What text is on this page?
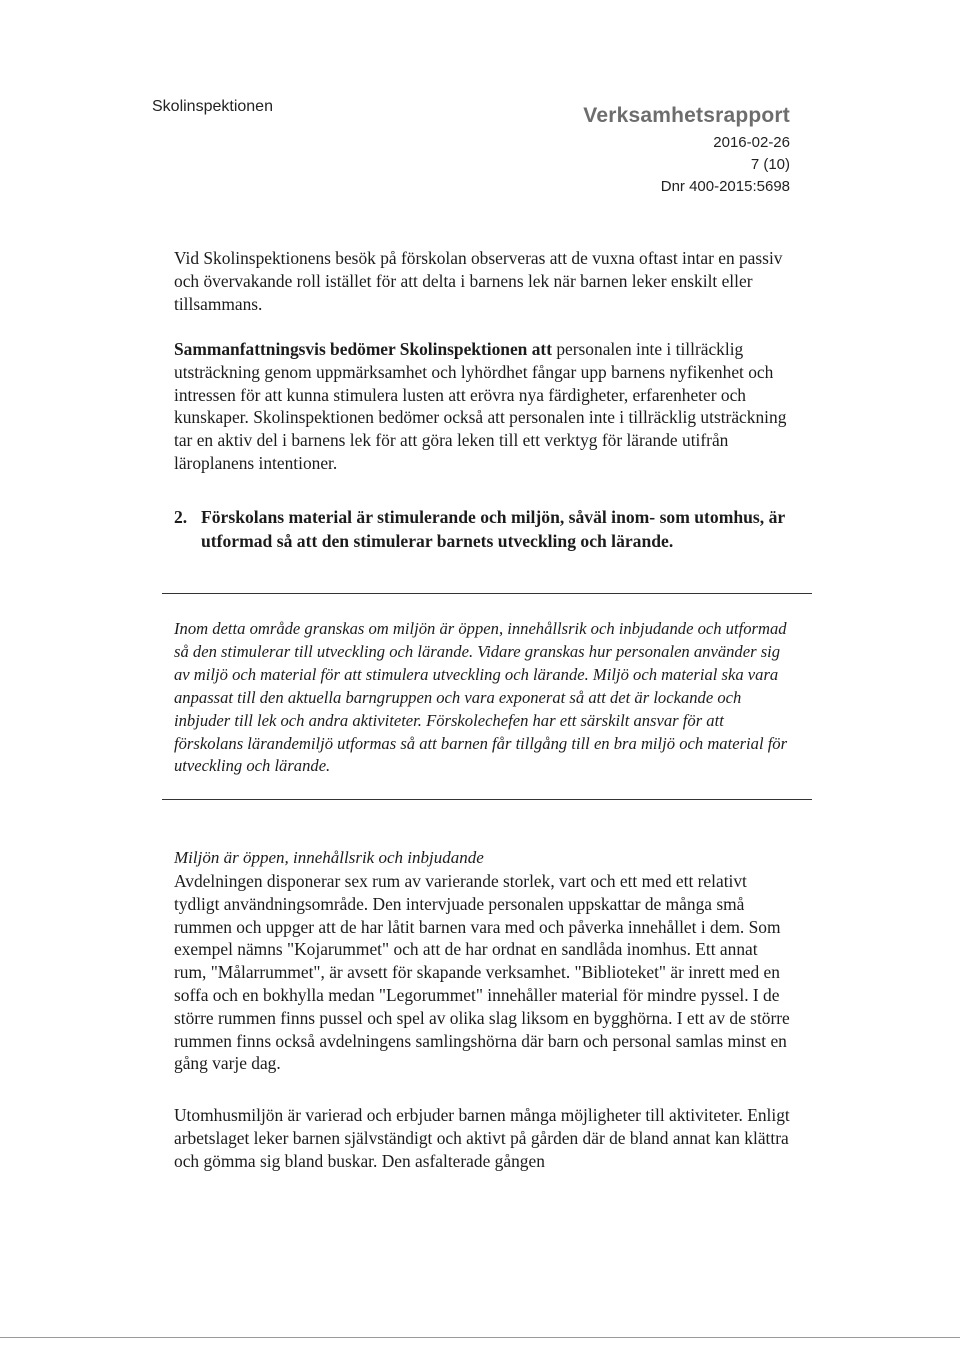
Skolinspektionen	Verksamhetsrapport
2016-02-26
7 (10)
Dnr 400-2015:5698

Vid Skolinspektionens besök på förskolan observeras att de vuxna oftast intar en passiv och övervakande roll istället för att delta i barnens lek när barnen leker enskilt eller tillsammans.

Sammanfattningsvis bedömer Skolinspektionen att personalen inte i tillräcklig utsträckning genom uppmärksamhet och lyhördhet fångar upp barnens nyfikenhet och intressen för att kunna stimulera lusten att erövra nya färdigheter, erfarenheter och kunskaper. Skolinspektionen bedömer också att personalen inte i tillräcklig utsträckning tar en aktiv del i barnens lek för att göra leken till ett verktyg för lärande utifrån läroplanens intentioner.

2. Förskolans material är stimulerande och miljön, såväl inom- som utomhus, är utformad så att den stimulerar barnets utveckling och lärande.

Inom detta område granskas om miljön är öppen, innehållsrik och inbjudande och utformad så den stimulerar till utveckling och lärande. Vidare granskas hur personalen använder sig av miljö och material för att stimulera utveckling och lärande. Miljö och material ska vara anpassat till den aktuella barngruppen och vara exponerat så att det är lockande och inbjuder till lek och andra aktiviteter. Förskolechefen har ett särskilt ansvar för att förskolans lärandemiljö utformas så att barnen får tillgång till en bra miljö och material för utveckling och lärande.

Miljön är öppen, innehållsrik och inbjudande

Avdelningen disponerar sex rum av varierande storlek, vart och ett med ett relativt tydligt användningsområde. Den intervjuade personalen uppskattar de många små rummen och uppger att de har låtit barnen vara med och påverka innehållet i dem. Som exempel nämns "Kojarummet" och att de har ordnat en sandlåda inomhus. Ett annat rum, "Målarrummet", är avsett för skapande verksamhet. "Biblioteket" är inrett med en soffa och en bokhylla medan "Legorummet" innehåller material för mindre pyssel. I de större rummen finns pussel och spel av olika slag liksom en bygghörna. I ett av de större rummen finns också avdelningens samlingshörna där barn och personal samlas minst en gång varje dag.

Utomhusmiljön är varierad och erbjuder barnen många möjligheter till aktiviteter. Enligt arbetslaget leker barnen självständigt och aktivt på gården där de bland annat kan klättra och gömma sig bland buskar. Den asfalterade gången
